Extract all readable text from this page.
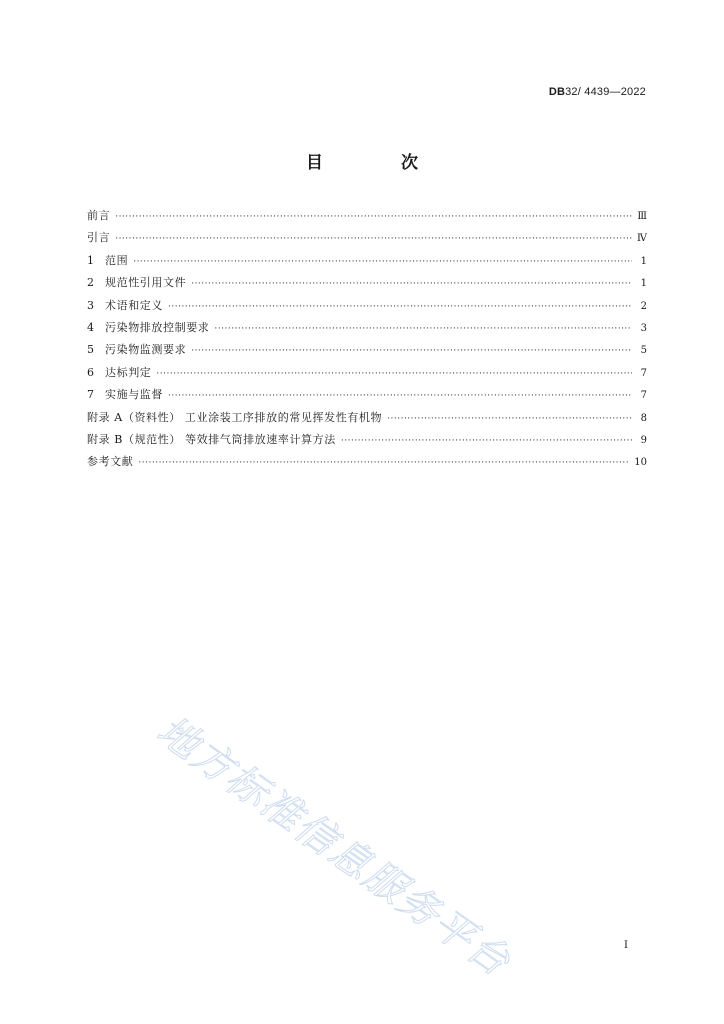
DB32/ 4439—2022
目 次
前言 ·····	Ⅲ
引言 ·····	Ⅳ
1	范围 ·····	1
2	规范性引用文件 ·····	1
3	术语和定义 ·····	2
4	污染物排放控制要求 ·····	3
5	污染物监测要求 ·····	5
6	达标判定 ·····	7
7	实施与监督 ·····	7
附录 A（资料性） 工业涂装工序排放的常见挥发性有机物 ·····	8
附录 B（规范性） 等效排气筒排放速率计算方法 ·····	9
参考文献 ·····	10
地方标准信息服务平台	I
